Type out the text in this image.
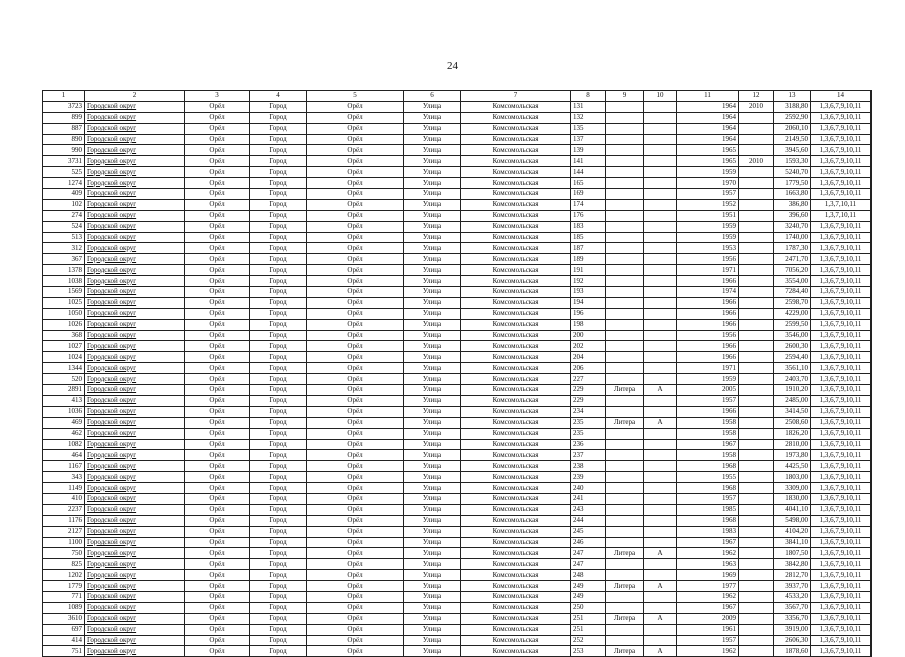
24
1	2	3	4	5	6	7	8	9	10	11	12	13	14	
3723	Городской округ	Орёл	Город	Орёл	Улица	Комсомольская	131			1964	2010	3188,80	1,3,6,7,9,10,11	
899	Городской округ	Орёл	Город	Орёл	Улица	Комсомольская	132			1964		2592,90	1,3,6,7,9,10,11	
887	Городской округ	Орёл	Город	Орёл	Улица	Комсомольская	135			1964		2060,10	1,3,6,7,9,10,11	
890	Городской округ	Орёл	Город	Орёл	Улица	Комсомольская	137			1964		2149,50	1,3,6,7,9,10,11	
990	Городской округ	Орёл	Город	Орёл	Улица	Комсомольская	139			1965		3945,60	1,3,6,7,9,10,11	
3731	Городской округ	Орёл	Город	Орёл	Улица	Комсомольская	141			1965	2010	1593,30	1,3,6,7,9,10,11	
525	Городской округ	Орёл	Город	Орёл	Улица	Комсомольская	144			1959		5240,70	1,3,6,7,9,10,11	
1274	Городской округ	Орёл	Город	Орёл	Улица	Комсомольская	165			1970		1779,50	1,3,6,7,9,10,11	
409	Городской округ	Орёл	Город	Орёл	Улица	Комсомольская	169			1957		1663,80	1,3,6,7,9,10,11	
102	Городской округ	Орёл	Город	Орёл	Улица	Комсомольская	174			1952		386,80	1,3,7,10,11	
274	Городской округ	Орёл	Город	Орёл	Улица	Комсомольская	176			1951		396,60	1,3,7,10,11	
524	Городской округ	Орёл	Город	Орёл	Улица	Комсомольская	183			1959		3240,70	1,3,6,7,9,10,11	
513	Городской округ	Орёл	Город	Орёл	Улица	Комсомольская	185			1959		1740,00	1,3,6,7,9,10,11	
312	Городской округ	Орёл	Город	Орёл	Улица	Комсомольская	187			1953		1787,30	1,3,6,7,9,10,11	
367	Городской округ	Орёл	Город	Орёл	Улица	Комсомольская	189			1956		2471,70	1,3,6,7,9,10,11	
1378	Городской округ	Орёл	Город	Орёл	Улица	Комсомольская	191			1971		7056,20	1,3,6,7,9,10,11	
1038	Городской округ	Орёл	Город	Орёл	Улица	Комсомольская	192			1966		3554,00	1,3,6,7,9,10,11	
1569	Городской округ	Орёл	Город	Орёл	Улица	Комсомольская	193			1974		7284,40	1,3,6,7,9,10,11	
1025	Городской округ	Орёл	Город	Орёл	Улица	Комсомольская	194			1966		2598,70	1,3,6,7,9,10,11	
1050	Городской округ	Орёл	Город	Орёл	Улица	Комсомольская	196			1966		4229,00	1,3,6,7,9,10,11	
1026	Городской округ	Орёл	Город	Орёл	Улица	Комсомольская	198			1966		2599,50	1,3,6,7,9,10,11	
368	Городской округ	Орёл	Город	Орёл	Улица	Комсомольская	200			1956		3546,00	1,3,6,7,9,10,11	
1027	Городской округ	Орёл	Город	Орёл	Улица	Комсомольская	202			1966		2600,30	1,3,6,7,9,10,11	
1024	Городской округ	Орёл	Город	Орёл	Улица	Комсомольская	204			1966		2594,40	1,3,6,7,9,10,11	
1344	Городской округ	Орёл	Город	Орёл	Улица	Комсомольская	206			1971		3561,10	1,3,6,7,9,10,11	
520	Городской округ	Орёл	Город	Орёл	Улица	Комсомольская	227			1959		2403,70	1,3,6,7,9,10,11	
2891	Городской округ	Орёл	Город	Орёл	Улица	Комсомольская	229	Литера	А	2005		1910,20	1,3,6,7,9,10,11	
413	Городской округ	Орёл	Город	Орёл	Улица	Комсомольская	229			1957		2485,00	1,3,6,7,9,10,11	
1036	Городской округ	Орёл	Город	Орёл	Улица	Комсомольская	234			1966		3414,50	1,3,6,7,9,10,11	
469	Городской округ	Орёл	Город	Орёл	Улица	Комсомольская	235	Литера	А	1958		2508,60	1,3,6,7,9,10,11	
462	Городской округ	Орёл	Город	Орёл	Улица	Комсомольская	235			1958		1826,20	1,3,6,7,9,10,11	
1082	Городской округ	Орёл	Город	Орёл	Улица	Комсомольская	236			1967		2810,00	1,3,6,7,9,10,11	
464	Городской округ	Орёл	Город	Орёл	Улица	Комсомольская	237			1958		1973,80	1,3,6,7,9,10,11	
1167	Городской округ	Орёл	Город	Орёл	Улица	Комсомольская	238			1968		4425,50	1,3,6,7,9,10,11	
343	Городской округ	Орёл	Город	Орёл	Улица	Комсомольская	239			1955		1803,00	1,3,6,7,9,10,11	
1149	Городской округ	Орёл	Город	Орёл	Улица	Комсомольская	240			1968		3309,00	1,3,6,7,9,10,11	
410	Городской округ	Орёл	Город	Орёл	Улица	Комсомольская	241			1957		1830,00	1,3,6,7,9,10,11	
2237	Городской округ	Орёл	Город	Орёл	Улица	Комсомольская	243			1985		4041,10	1,3,6,7,9,10,11	
1176	Городской округ	Орёл	Город	Орёл	Улица	Комсомольская	244			1968		5498,00	1,3,6,7,9,10,11	
2127	Городской округ	Орёл	Город	Орёл	Улица	Комсомольская	245			1983		4104,20	1,3,6,7,9,10,11	
1100	Городской округ	Орёл	Город	Орёл	Улица	Комсомольская	246			1967		3841,10	1,3,6,7,9,10,11	
750	Городской округ	Орёл	Город	Орёл	Улица	Комсомольская	247	Литера	А	1962		1807,50	1,3,6,7,9,10,11	
825	Городской округ	Орёл	Город	Орёл	Улица	Комсомольская	247			1963		3842,80	1,3,6,7,9,10,11	
1202	Городской округ	Орёл	Город	Орёл	Улица	Комсомольская	248			1969		2812,70	1,3,6,7,9,10,11	
1779	Городской округ	Орёл	Город	Орёл	Улица	Комсомольская	249	Литера	А	1977		3937,70	1,3,6,7,9,10,11	
771	Городской округ	Орёл	Город	Орёл	Улица	Комсомольская	249			1962		4533,20	1,3,6,7,9,10,11	
1089	Городской округ	Орёл	Город	Орёл	Улица	Комсомольская	250			1967		3567,70	1,3,6,7,9,10,11	
3610	Городской округ	Орёл	Город	Орёл	Улица	Комсомольская	251	Литера	А	2009		3356,70	1,3,6,7,9,10,11	
697	Городской округ	Орёл	Город	Орёл	Улица	Комсомольская	251			1961		3919,00	1,3,6,7,9,10,11	
414	Городской округ	Орёл	Город	Орёл	Улица	Комсомольская	252			1957		2606,30	1,3,6,7,9,10,11	
751	Городской округ	Орёл	Город	Орёл	Улица	Комсомольская	253	Литера	А	1962		1878,60	1,3,6,7,9,10,11	
